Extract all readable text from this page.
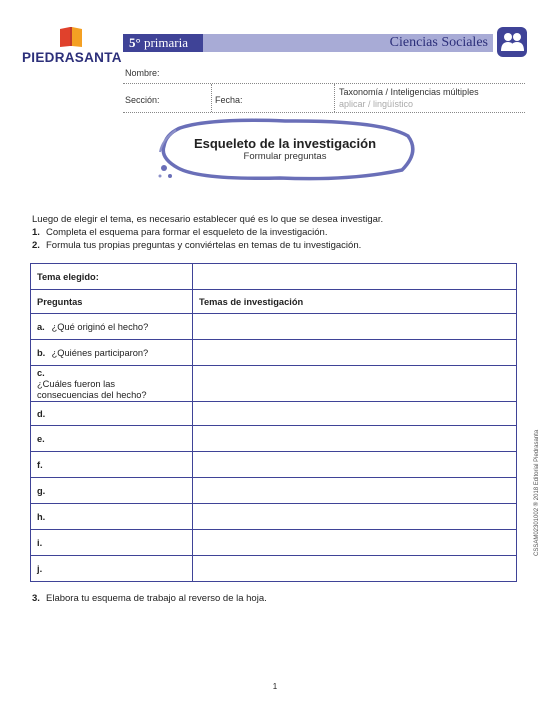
PIEDRASANTA
5° primaria	Ciencias Sociales
Nombre:
Sección:	Fecha:
Taxonomía / Inteligencias múltiples
aplicar / lingüístico
Esqueleto de la investigación
Formular preguntas
Luego de elegir el tema, es necesario establecer qué es lo que se desea investigar.
1. Completa el esquema para formar el esqueleto de la investigación.
2. Formula tus propias preguntas y conviértelas en temas de tu investigación.
Tema elegido:	
Preguntas	Temas de investigación
a. ¿Qué originó el hecho?	
b. ¿Quiénes participaron?	
c. ¿Cuáles fueron las consecuencias del hecho?	
d.	
e.	
f.	
g.	
h.	
i.	
j.	
3. Elabora tu esquema de trabajo al reverso de la hoja.
1
CSSAM02301002 ® 2018 Editorial Piedrasanta
